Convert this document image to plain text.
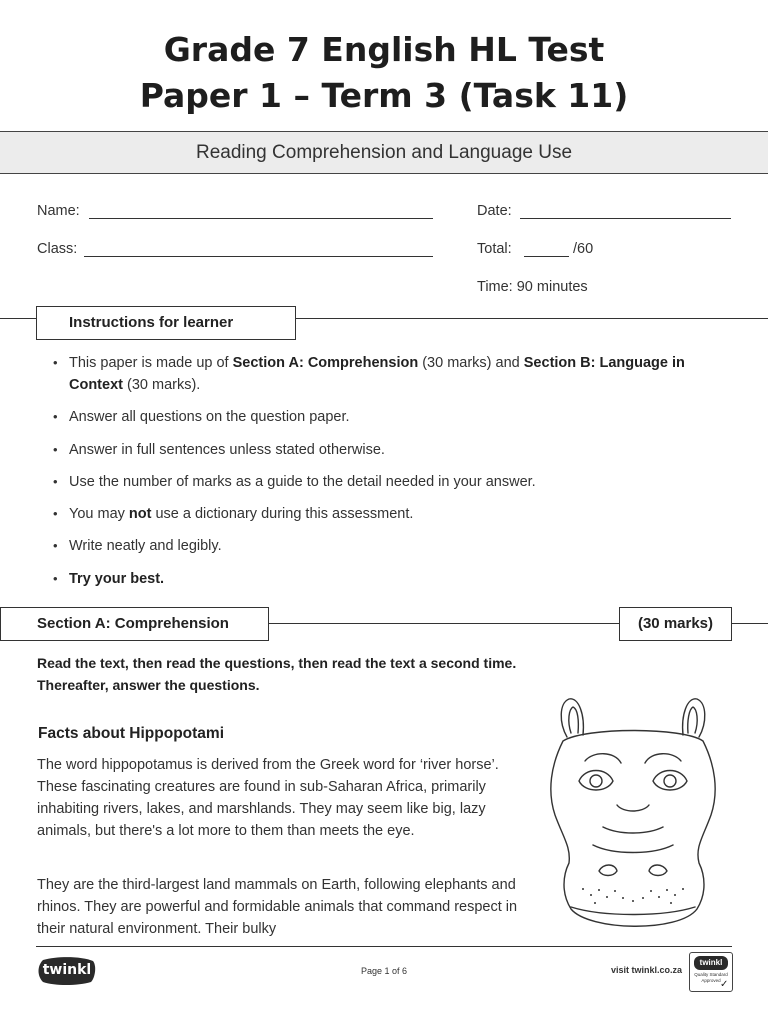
Grade 7 English HL Test
Paper 1 – Term 3 (Task 11)
Reading Comprehension and Language Use
Name:
Class:
Date:
Total:	/60
Time: 90 minutes
Instructions for learner
• This paper is made up of Section A: Comprehension (30 marks) and Section B: Language in Context (30 marks).
• Answer all questions on the question paper.
• Answer in full sentences unless stated otherwise.
• Use the number of marks as a guide to the detail needed in your answer.
• You may not use a dictionary during this assessment.
• Write neatly and legibly.
• Try your best.
Section A: Comprehension	(30 marks)
Read the text, then read the questions, then read the text a second time.
Thereafter, answer the questions.
Facts about Hippopotami
The word hippopotamus is derived from the Greek word for ‘river horse’. These fascinating creatures are found in sub-Saharan Africa, primarily inhabiting rivers, lakes, and marshlands. They may seem like big, lazy animals, but there's a lot more to them than meets the eye.
They are the third-largest land mammals on Earth, following elephants and rhinos. They are powerful and formidable animals that command respect in their natural environment. Their bulky
twinkl	Page 1 of 6	visit twinkl.co.za
twinkl
Quality Standard
Approved ✓
